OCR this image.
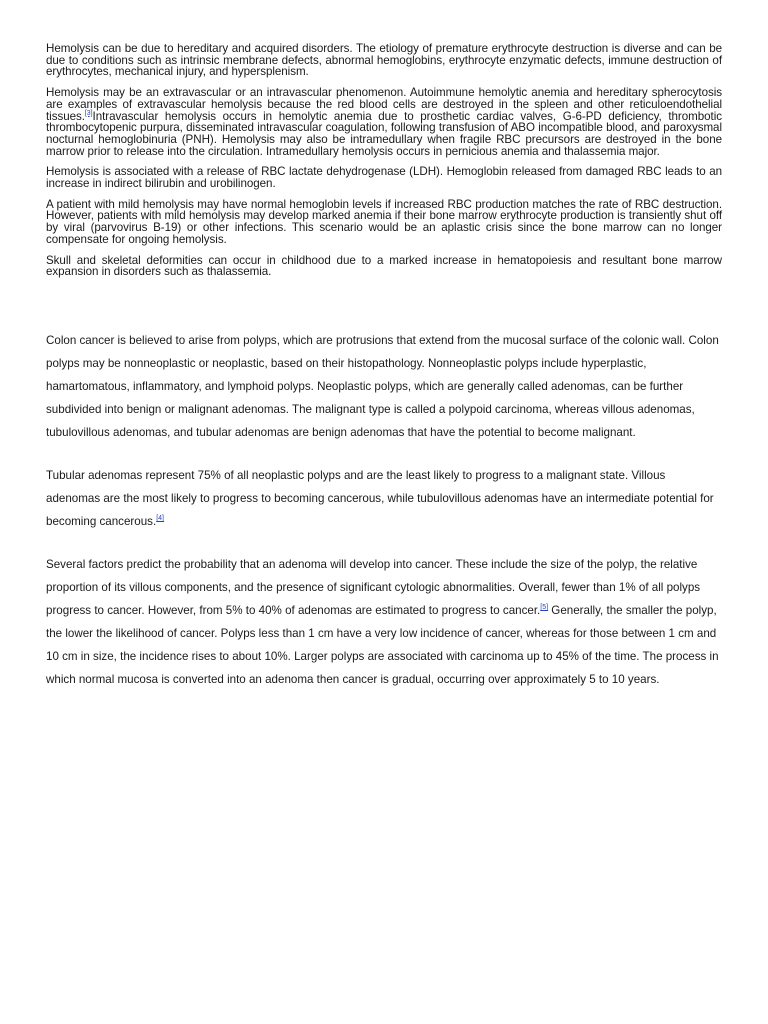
Hemolysis can be due to hereditary and acquired disorders. The etiology of premature erythrocyte destruction is diverse and can be due to conditions such as intrinsic membrane defects, abnormal hemoglobins, erythrocyte enzymatic defects, immune destruction of erythrocytes, mechanical injury, and hypersplenism.

Hemolysis may be an extravascular or an intravascular phenomenon. Autoimmune hemolytic anemia and hereditary spherocytosis are examples of extravascular hemolysis because the red blood cells are destroyed in the spleen and other reticuloendothelial tissues.[3]Intravascular hemolysis occurs in hemolytic anemia due to prosthetic cardiac valves, G-6-PD deficiency, thrombotic thrombocytopenic purpura, disseminated intravascular coagulation, following transfusion of ABO incompatible blood, and paroxysmal nocturnal hemoglobinuria (PNH). Hemolysis may also be intramedullary when fragile RBC precursors are destroyed in the bone marrow prior to release into the circulation. Intramedullary hemolysis occurs in pernicious anemia and thalassemia major.

Hemolysis is associated with a release of RBC lactate dehydrogenase (LDH). Hemoglobin released from damaged RBC leads to an increase in indirect bilirubin and urobilinogen.

A patient with mild hemolysis may have normal hemoglobin levels if increased RBC production matches the rate of RBC destruction. However, patients with mild hemolysis may develop marked anemia if their bone marrow erythrocyte production is transiently shut off by viral (parvovirus B-19) or other infections. This scenario would be an aplastic crisis since the bone marrow can no longer compensate for ongoing hemolysis.

Skull and skeletal deformities can occur in childhood due to a marked increase in hematopoiesis and resultant bone marrow expansion in disorders such as thalassemia.

Colon cancer is believed to arise from polyps, which are protrusions that extend from the mucosal surface of the colonic wall. Colon polyps may be nonneoplastic or neoplastic, based on their histopathology. Nonneoplastic polyps include hyperplastic, hamartomatous, inflammatory, and lymphoid polyps. Neoplastic polyps, which are generally called adenomas, can be further subdivided into benign or malignant adenomas. The malignant type is called a polypoid carcinoma, whereas villous adenomas, tubulovillous adenomas, and tubular adenomas are benign adenomas that have the potential to become malignant.

Tubular adenomas represent 75% of all neoplastic polyps and are the least likely to progress to a malignant state. Villous adenomas are the most likely to progress to becoming cancerous, while tubulovillous adenomas have an intermediate potential for becoming cancerous.[4]

Several factors predict the probability that an adenoma will develop into cancer. These include the size of the polyp, the relative proportion of its villous components, and the presence of significant cytologic abnormalities. Overall, fewer than 1% of all polyps progress to cancer. However, from 5% to 40% of adenomas are estimated to progress to cancer.[5] Generally, the smaller the polyp, the lower the likelihood of cancer. Polyps less than 1 cm have a very low incidence of cancer, whereas for those between 1 cm and 10 cm in size, the incidence rises to about 10%. Larger polyps are associated with carcinoma up to 45% of the time. The process in which normal mucosa is converted into an adenoma then cancer is gradual, occurring over approximately 5 to 10 years.
